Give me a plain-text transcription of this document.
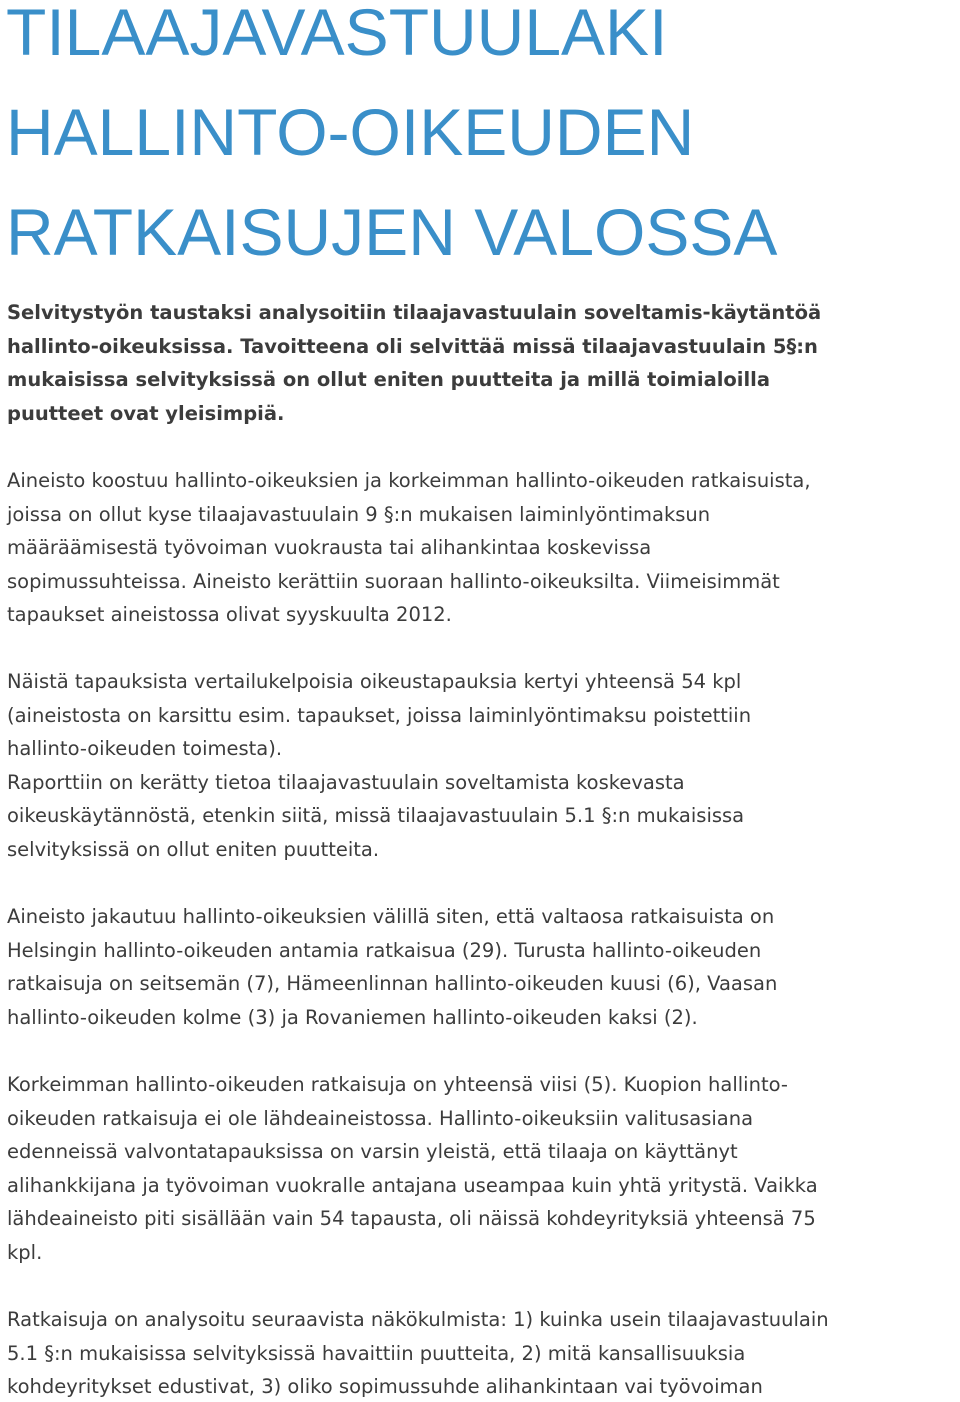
TILAAJAVASTUULAKI
HALLINTO-OIKEUDEN
RATKAISUJEN VALOSSA

Selvitystyön taustaksi analysoitiin tilaajavastuulain soveltamis-käytäntöä
hallinto-oikeuksissa. Tavoitteena oli selvittää missä tilaajavastuulain 5§:n
mukaisissa selvityksissä on ollut eniten puutteita ja millä toimialoilla
puutteet ovat yleisimpiä.

Aineisto koostuu hallinto-oikeuksien ja korkeimman hallinto-oikeuden ratkaisuista,
joissa on ollut kyse tilaajavastuulain 9 §:n mukaisen laiminlyöntimaksun
määräämisestä työvoiman vuokrausta tai alihankintaa koskevissa
sopimussuhteissa. Aineisto kerättiin suoraan hallinto-oikeuksilta. Viimeisimmät
tapaukset aineistossa olivat syyskuulta 2012.

Näistä tapauksista vertailukelpoisia oikeustapauksia kertyi yhteensä 54 kpl
(aineistosta on karsittu esim. tapaukset, joissa laiminlyöntimaksu poistettiin
hallinto-oikeuden toimesta).
Raporttiin on kerätty tietoa tilaajavastuulain soveltamista koskevasta
oikeuskäytännöstä, etenkin siitä, missä tilaajavastuulain 5.1 §:n mukaisissa
selvityksissä on ollut eniten puutteita.

Aineisto jakautuu hallinto-oikeuksien välillä siten, että valtaosa ratkaisuista on
Helsingin hallinto-oikeuden antamia ratkaisua (29). Turusta hallinto-oikeuden
ratkaisuja on seitsemän (7), Hämeenlinnan hallinto-oikeuden kuusi (6), Vaasan
hallinto-oikeuden kolme (3) ja Rovaniemen hallinto-oikeuden kaksi (2).

Korkeimman hallinto-oikeuden ratkaisuja on yhteensä viisi (5). Kuopion hallinto-
oikeuden ratkaisuja ei ole lähdeaineistossa. Hallinto-oikeuksiin valitusasiana
edenneissä valvontatapauksissa on varsin yleistä, että tilaaja on käyttänyt
alihankkijana ja työvoiman vuokralle antajana useampaa kuin yhtä yritystä. Vaikka
lähdeaineisto piti sisällään vain 54 tapausta, oli näissä kohdeyrityksiä yhteensä 75
kpl.

Ratkaisuja on analysoitu seuraavista näkökulmista: 1) kuinka usein tilaajavastuulain
5.1 §:n mukaisissa selvityksissä havaittiin puutteita, 2) mitä kansallisuuksia
kohdeyritykset edustivat, 3) oliko sopimussuhde alihankintaan vai työvoiman
